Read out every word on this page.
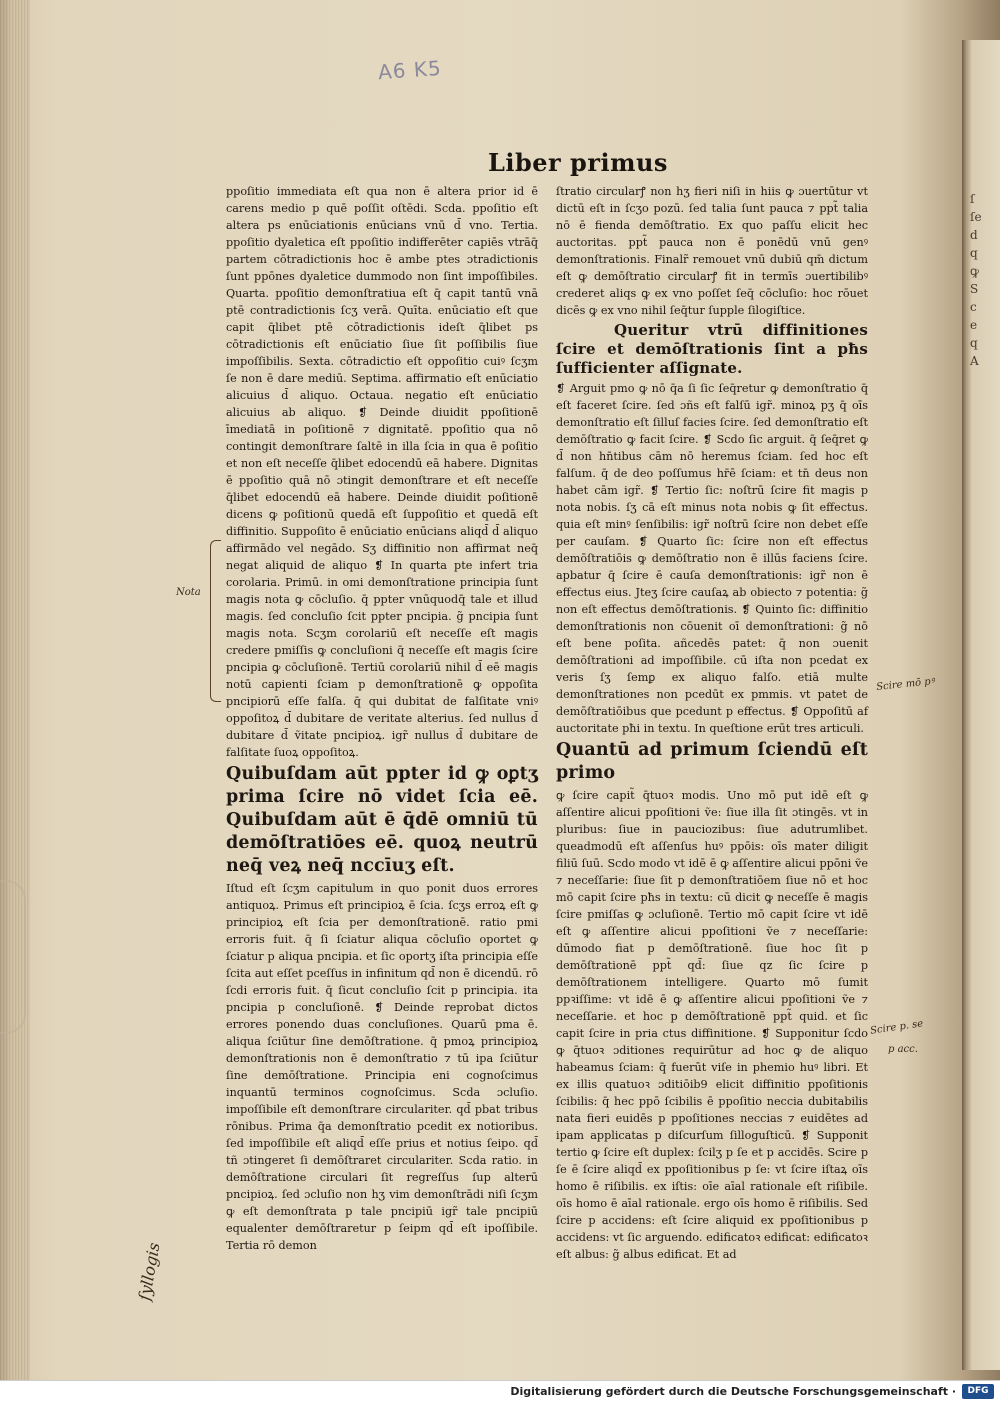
ſ
ſe
d
q
ꝙ
S
c
e
q
A
A6 K5
Liber primus

ppoſitio immediata eſt qua non ē altera prior id ē carens medio p quē poſſit oſtēdi. Scda. ppoſitio eſt altera ps enūciationis enūcians vnū d̄ vno. Tertia. ppoſitio dyaletica eſt ppoſitio indifferēter capiēs vtrāq̄ partem cōtradictionis hoc ē ambe ptes ɔtradictionis ſunt ppōnes dyaletice dummodo non ſint impoſſibiles. Quarta. ppoſitio demonſtratiua eſt q̄ capit tantū vnā ptē contradictionis ſcʒ verā. Quīta. enūciatio eſt que capit q̄libet ptē cōtradictionis ideſt q̄libet ps cōtradictionis eſt enūciatio ſiue ſit poſſibilis ſiue impoſſibilis. Sexta. cōtradictio eſt oppoſitio cuiꝰ ſcʒm ſe non ē dare mediū. Septima. affirmatio eſt enūciatio alicuius d̄ aliquo. Octaua. negatio eſt enūciatio alicuius ab aliquo. ❡ Deinde diuidit ppoſitionē īmediatā in poſitionē ⁊ dignitatē. ppoſitio qua nō contingit demonſtrare ſaltē in illa ſcia in qua ē poſitio et non eſt neceſſe q̄libet edocendū eā habere. Dignitas ē ppoſitio quā nō ɔtingit demonſtrare et eſt neceſſe q̄libet edocendū eā habere. Deinde diuidit poſitionē dicens ꝙ poſitionū quedā eſt ſuppoſitio et quedā eſt diffinitio. Suppoſito ē enūciatio enūcians aliqd̄ d̄ aliquo affirmādo vel negādo. Sʒ diffinitio non affirmat neq̄ negat aliquid de aliquo ❡ In quarta pte infert tria corolaria. Primū. in omi demonſtratione principia ſunt magis nota ꝙ cōcluſio. q̄ ppter vnūquodq̄ tale et illud magis. ſed concluſio ſcit ppter pncipia. g̃ pncipia ſunt magis nota. Scʒm corolariū eſt neceſſe eſt magis credere pmiſſis ꝙ concluſioni q̄ neceſſe eſt magis ſcire pncipia ꝙ cōcluſionē. Tertiū corolariū nihil d̄ eē magis notū capienti ſciam p demonſtrationē ꝙ oppoſita pncipiorū eſſe falſa. q̄ qui dubitat de falſitate vniꝰ oppoſitoꝝ d̄ dubitare de veritate alterius. ſed nullus d̄ dubitare d̄ ṽitate pncipioꝝ. igr̃ nullus d̄ dubitare de falſitate ſuoꝝ oppoſitoꝝ.

Quibuſdam aūt ppter id ꝙ oꝑtʒ prima ſcire nō videt ſcia eē. Quibuſdam aūt ē q̄dē omniū tū demōſtratiōes eē. quoꝝ neutrū neq̄ veꝝ neq̄ nccīuʒ eſt.

Iſtud eſt ſcʒm capitulum in quo ponit duos errores antiquoꝝ. Primus eſt principioꝝ ē ſcia. ſcʒs erroꝝ eſt ꝙ principioꝝ eſt ſcia per demonſtrationē. ratio pmi erroris fuit. q̄ ſi ſciatur aliqua cōcluſio oportet ꝙ ſciatur p aliqua pncipia. et ſic oportʒ iſta principia eſſe ſcita aut eſſet pceſſus in infinitum qd̄ non ē dicendū. rō ſcdi erroris fuit. q̄ ſicut concluſio ſcit p principia. ita pncipia p concluſionē. ❡ Deinde reprobat dictos errores ponendo duas concluſiones. Quarū pma ē. aliqua ſciūtur ſine demōſtratione. q̄ pmoꝝ principioꝝ demonſtrationis non ē demonſtratio ⁊ tū ipa ſciūtur ſine demōſtratione. Principia eni cognoſcimus inquantū terminos cognoſcimus. Scda ɔcluſio. impoſſibile eſt demonſtrare circulariter. qd̄ pbat tribus rōnibus. Prima q̄a demonſtratio pcedit ex notioribus. ſed impoſſibile eſt aliqd̄ eſſe prius et notius ſeipo. qd̄ tñ ɔtingeret ſi demōſtraret circulariter. Scda ratio. in demōſtratione circulari ſit regreſſus ſup alterū pncipioꝝ. ſed ɔcluſio non hʒ vim demonſtrādi niſi ſcʒm ꝙ eſt demonſtrata p tale pncipiū igr̃ tale pncipiū equalenter demōſtraretur p ſeipm qd̄ eſt ipoſſibile. Tertia rō demon

ſtratio circularꝭ non hʒ fieri niſi in hiis ꝙ ɔuertūtur vt dictū eſt in ſcʒo pozū. ſed talia ſunt pauca ⁊ ppt̃ talia nō ē fienda demōſtratio. Ex quo paſſu elicit hec auctoritas. ppt̃ pauca non ē ponēdū vnū genꝰ demonſtrationis. Finalr̃ remouet vnū dubiū qm̄ dictum eſt ꝙ demōſtratio circularꝭ fit in termīs ɔuertibilibꝰ crederet aliqs ꝙ ex vno poſſet ſeq̄ cōcluſio: hoc rōuet dicēs ꝙ ex vno nihil ſeq̄tur ſupple ſilogiſtice.

Queritur vtrū diffinitiones ſcire et demōſtrationis ſint a pħs ſufficienter aſſignate.

❡ Arguit pmo ꝙ nō q̄a ſi ſic ſeq̄retur ꝙ demonſtratio q̄ eſt faceret ſcire. ſed ɔñs eſt falſū igr̃. minoꝝ pʒ q̄ oīs demonſtratio eſt ſilluſ facies ſcire. ſed demonſtratio eſt demōſtratio ꝙ facit ſcire. ❡ Scdo ſic arguit. q̄ ſeq̄ret ꝙ d̄ non hn̄tibus cām nō heremus ſciam. ſed hoc eſt falſum. q̄ de deo poſſumus hr̄ē ſciam: et tn̄ deus non habet cām igr̃. ❡ Tertio ſic: noſtrū ſcire fit magis p nota nobis. ſʒ cā eſt minus nota nobis ꝙ ſit effectus. quia eſt minꝰ ſenſibilis: igr̃ noſtrū ſcire non debet eſſe per cauſam. ❡ Quarto ſic: ſcire non eſt effectus demōſtratiōis ꝙ demōſtratio non ē illūs faciens ſcire. apbatur q̄ ſcire ē cauſa demonſtrationis: igr̃ non ē effectus eius. Jteʒ ſcire cauſaꝝ ab obiecto ⁊ potentia: g̃ non eſt effectus demōſtrationis. ❡ Quinto ſic: diffinitio demonſtrationis non cōuenit oī demonſtrationi: g̃ nō eſt bene poſita. añcedēs patet: q̄ non ɔuenit demōſtrationi ad impoſſibile. cū iſta non pcedat ex veris ſʒ ſemꝑ ex aliquo falſo. etiā multe demonſtrationes non pcedūt ex pmmis. vt patet de demōſtratiōibus que pcedunt p effectus. ❡ Oppoſitū af auctoritate pħi in textu. In queſtione erūt tres articuli.

Quantū ad primum ſciendū eſt primo

ꝙ ſcire capit̃ q̄tuoꝛ modis. Uno mō put idē eſt ꝙ aſſentire alicui ppoſitioni ṽe: ſiue illa ſit ɔtingēs. vt in pluribus: ſiue in pauciozibus: ſiue adutrumlibet. queadmodū eſt aſſenſus huꝰ ppōis: oīs mater diligit filiū ſuū. Scdo modo vt idē ē ꝙ aſſentire alicui ppōni ṽe ⁊ neceſſarie: ſiue ſit p demonſtratiōem ſiue nō et hoc mō capit ſcire pħs in textu: cū dicit ꝙ neceſſe ē magis ſcire pmiſſas ꝙ ɔcluſionē. Tertio mō capit ſcire vt idē eſt ꝙ aſſentire alicui ppoſitioni ṽe ⁊ neceſſarie: dūmodo fiat p demōſtrationē. ſiue hoc ſit p demōſtrationē ppt̃ qd̄: ſiue qz ſic ſcire p demōſtrationem intelligere. Quarto mō ſumit ppꝛiſſime: vt idē ē ꝙ aſſentire alicui ppoſitioni ṽe ⁊ neceſſarie. et hoc p demōſtrationē ppt̃ quid. et ſic capit ſcire in pria ctus diffinitione. ❡ Supponitur ſcdo ꝙ q̄tuoꝛ ɔditiones requirūtur ad hoc ꝙ de aliquo habeamus ſciam: q̄ fuerūt viſe in phemio huꝰ libri. Et ex illis quatuoꝛ ɔditiōib9 elicit diffinitio ppoſitionis ſcibilis: q̄ hec ppō ſcibilis ē ppoſitio neccia dubitabilis nata fieri euidēs p ppoſitiones neccias ⁊ euidētes ad ipam applicatas p diſcurſum ſilloguſticū. ❡ Supponit tertio ꝙ ſcire eſt duplex: ſcilʒ p ſe et p accidēs. Scire p ſe ē ſcire aliqd̄ ex ppoſitionibus p ſe: vt ſcire iſtaꝝ oīs homo ē riſibilis. ex iſtis: oīe aīal rationale eſt riſibile. oīs homo ē aīal rationale. ergo oīs homo ē riſibilis. Sed ſcire p accidens: eſt ſcire aliquid ex ppoſitionibus p accidens: vt ſic arguendo. edificatoꝛ edificat: edificatoꝛ eſt albus: g̃ albus edificat. Et ad

Nota
Scire mō pꝰ
Scire p. se
p acc.
ſyllogis
Digitalisierung gefördert durch die Deutsche Forschungsgemeinschaft ·	DFG
